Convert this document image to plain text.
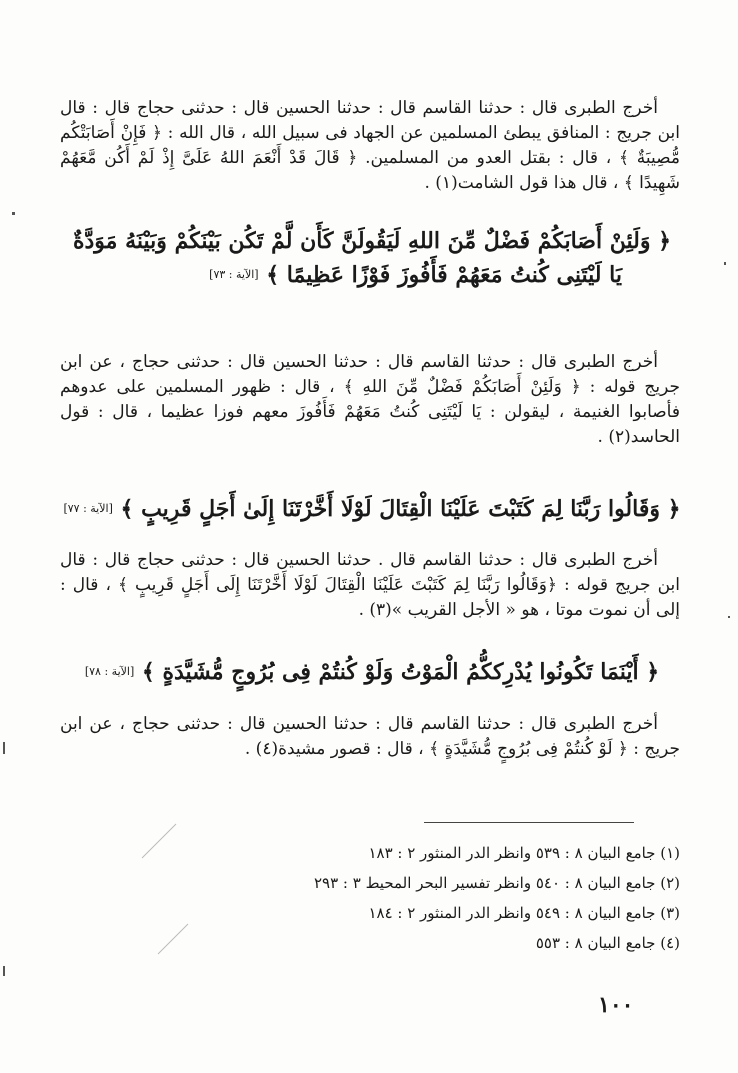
أخرج الطبرى قال : حدثنا القاسم قال : حدثنا الحسين قال : حدثنى حجاج قال : قال ابن جريج : المنافق يبطئ المسلمين عن الجهاد فى سبيل الله ، قال الله : ﴿ فَإِنْ أَصَابَتْكُم مُّصِيبَةٌ ﴾ ، قال : بقتل العدو من المسلمين. ﴿ قَالَ قَدْ أَنْعَمَ اللهُ عَلَىَّ إِذْ لَمْ أَكُن مَّعَهُمْ شَهِيدًا ﴾ ، قال هذا قول الشامت(١) .

﴿ وَلَئِنْ أَصَابَكُمْ فَضْلٌ مِّنَ اللهِ لَيَقُولَنَّ كَأَن لَّمْ تَكُن بَيْنَكُمْ وَبَيْنَهُ مَوَدَّةٌ
يَا لَيْتَنِى كُنتُ مَعَهُمْ فَأَفُوزَ فَوْزًا عَظِيمًا ﴾ [الآية : ٧٣]

أخرج الطبرى قال : حدثنا القاسم قال : حدثنا الحسين قال : حدثنى حجاج ، عن ابن جريج قوله : ﴿ وَلَئِنْ أَصَابَكُمْ فَضْلٌ مِّنَ اللهِ ﴾ ، قال : ظهور المسلمين على عدوهم فأصابوا الغنيمة ، ليقولن : يَا لَيْتَنِى كُنتُ مَعَهُمْ فَأَفُوزَ معهم فوزا عظيما ، قال : قول الحاسد(٢) .

﴿ وَقَالُوا رَبَّنَا لِمَ كَتَبْتَ عَلَيْنَا الْقِتَالَ لَوْلَا أَخَّرْتَنَا إِلَىٰ أَجَلٍ قَرِيبٍ ﴾ [الآية : ٧٧]

أخرج الطبرى قال : حدثنا القاسم قال . حدثنا الحسين قال : حدثنى حجاج قال : قال ابن جريج قوله : ﴿وَقَالُوا رَبَّنَا لِمَ كَتَبْتَ عَلَيْنَا الْقِتَالَ لَوْلَا أَخَّرْتَنَا إِلَى أَجَلٍ قَرِيبٍ ﴾ ، قال : إلى أن نموت موتا ، هو « الأجل القريب »(٣) .

﴿ أَيْنَمَا تَكُونُوا يُدْرِككُّمُ الْمَوْتُ وَلَوْ كُنتُمْ فِى بُرُوجٍ مُّشَيَّدَةٍ ﴾ [الآية : ٧٨]

أخرج الطبرى قال : حدثنا القاسم قال : حدثنا الحسين قال : حدثنى حجاج ، عن ابن جريج : ﴿ لَوْ كُنتُمْ فِى بُرُوجٍ مُّشَيَّدَةٍ ﴾ ، قال : قصور مشيدة(٤) .

(١) جامع البيان ٨ : ٥٣٩ وانظر الدر المنثور ٢ : ١٨٣
(٢) جامع البيان ٨ : ٥٤٠ وانظر تفسير البحر المحيط ٣ : ٢٩٣
(٣) جامع البيان ٨ : ٥٤٩ وانظر الدر المنثور ٢ : ١٨٤
(٤) جامع البيان ٨ : ٥٥٣
١٠٠
